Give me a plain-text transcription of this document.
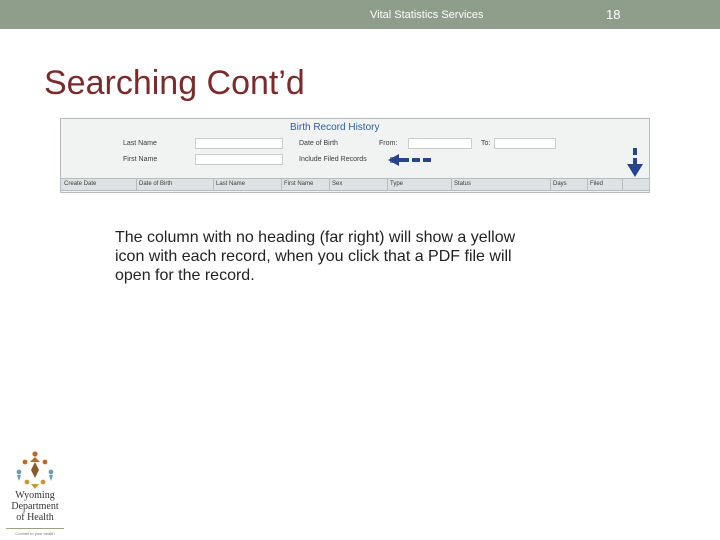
Vital Statistics Services	18
Searching Cont’d
Birth Record History
Last Name
First Name
Date of Birth	From:	To:
Include Filed Records
Create Date	Date of Birth	Last Name	First Name	Sex	Type	Status	Days	Filed

The column with no heading (far right) will show a yellow icon with each record, when you click that a PDF file will open for the record.

Wyoming
Department
of Health
Commit to your health
